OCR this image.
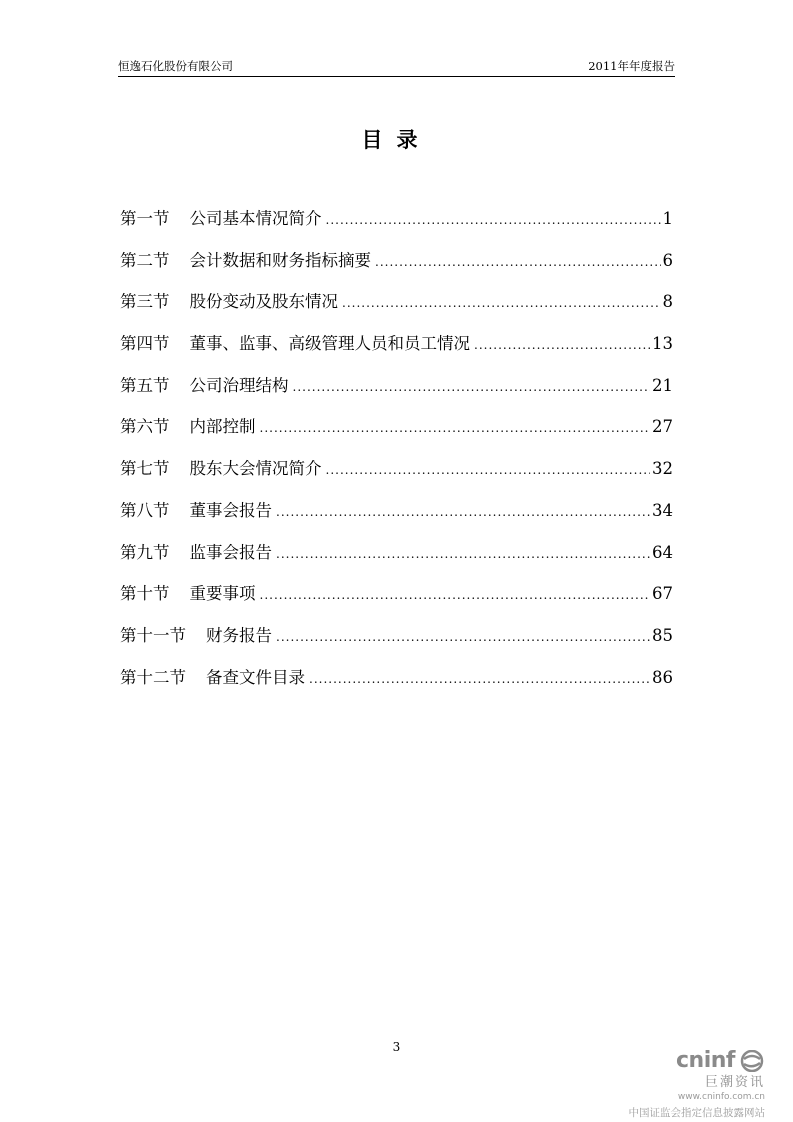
恒逸石化股份有限公司	2011年年度报告
目录
第一节 公司基本情况简介 .....	1
第二节 会计数据和财务指标摘要 .....	6
第三节 股份变动及股东情况 .....	8
第四节 董事、监事、高级管理人员和员工情况 .....	13
第五节 公司治理结构 .....	21
第六节 内部控制 .....	27
第七节 股东大会情况简介 .....	32
第八节 董事会报告 .....	34
第九节 监事会报告 .....	64
第十节 重要事项 .....	67
第十一节 财务报告 .....	85
第十二节 备查文件目录 .....	86
3
cninf
巨潮资讯
www.cninfo.com.cn
中国证监会指定信息披露网站
